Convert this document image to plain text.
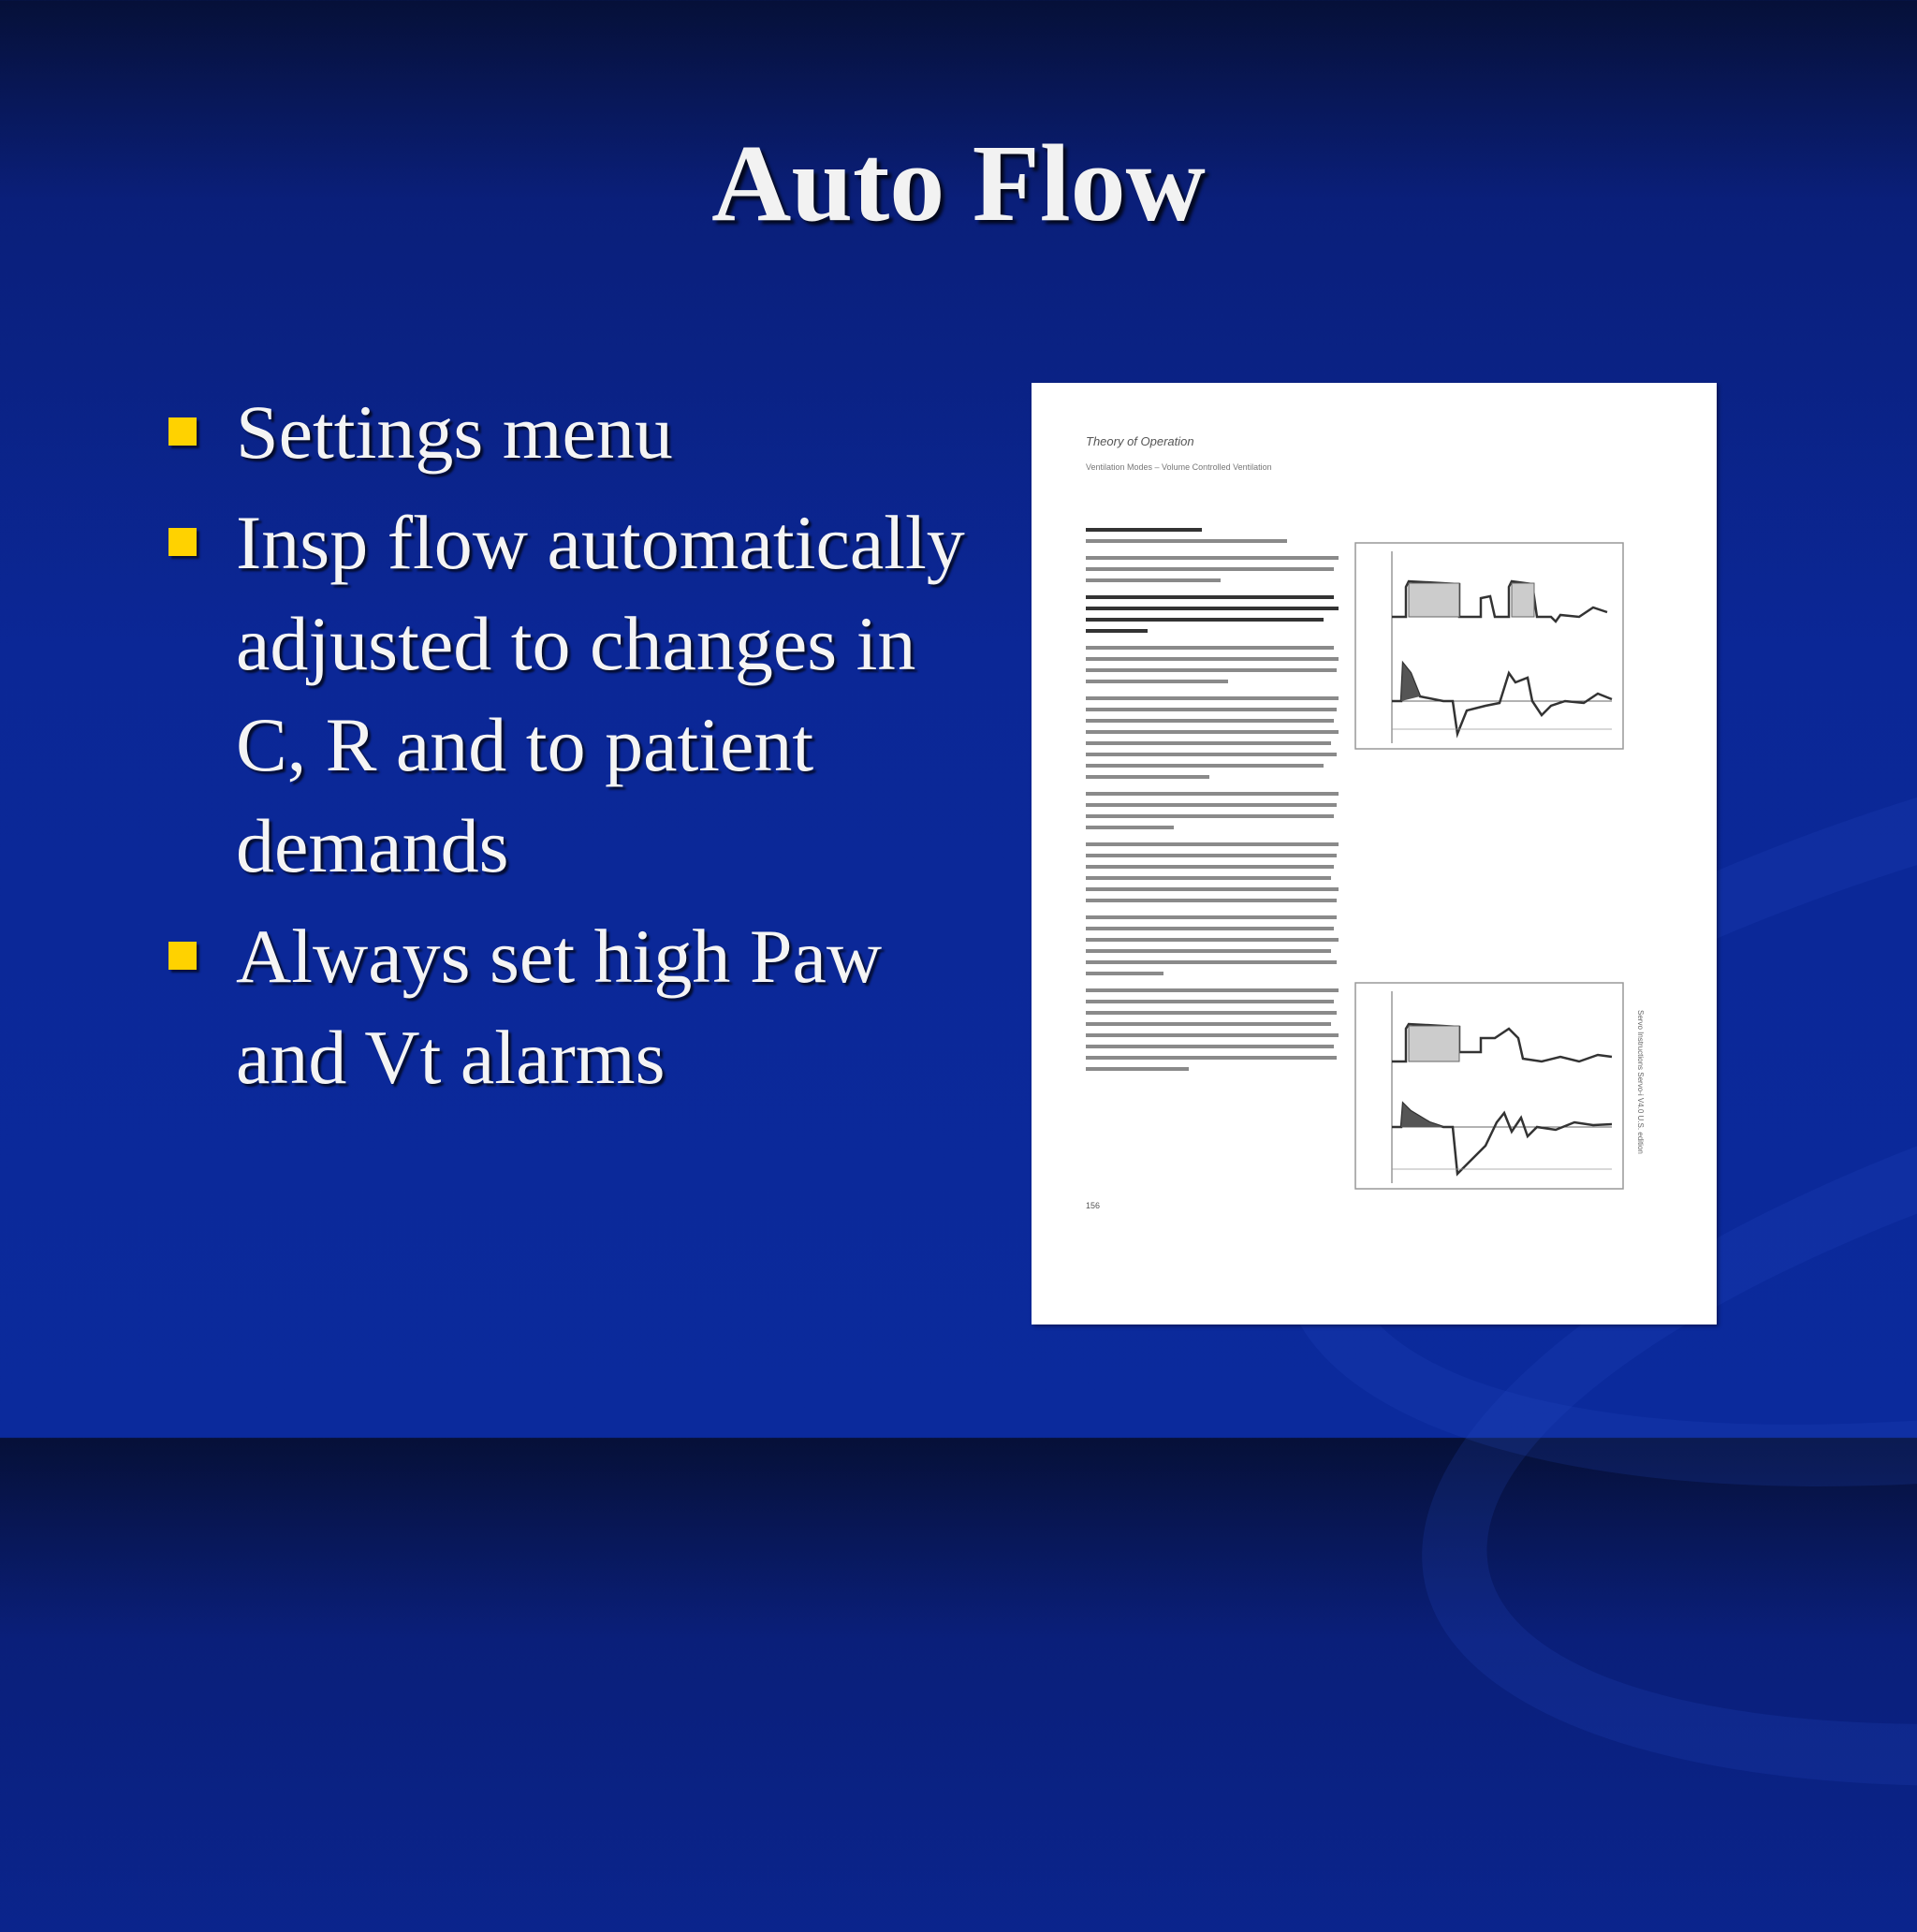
Auto Flow
Settings menu
Insp flow automatically adjusted to changes in C, R and to patient demands
Always set high Paw and Vt alarms
Theory of Operation
Ventilation Modes – Volume Controlled Ventilation
156
Servo Instructions Servo-i V4.0 U.S. edition
